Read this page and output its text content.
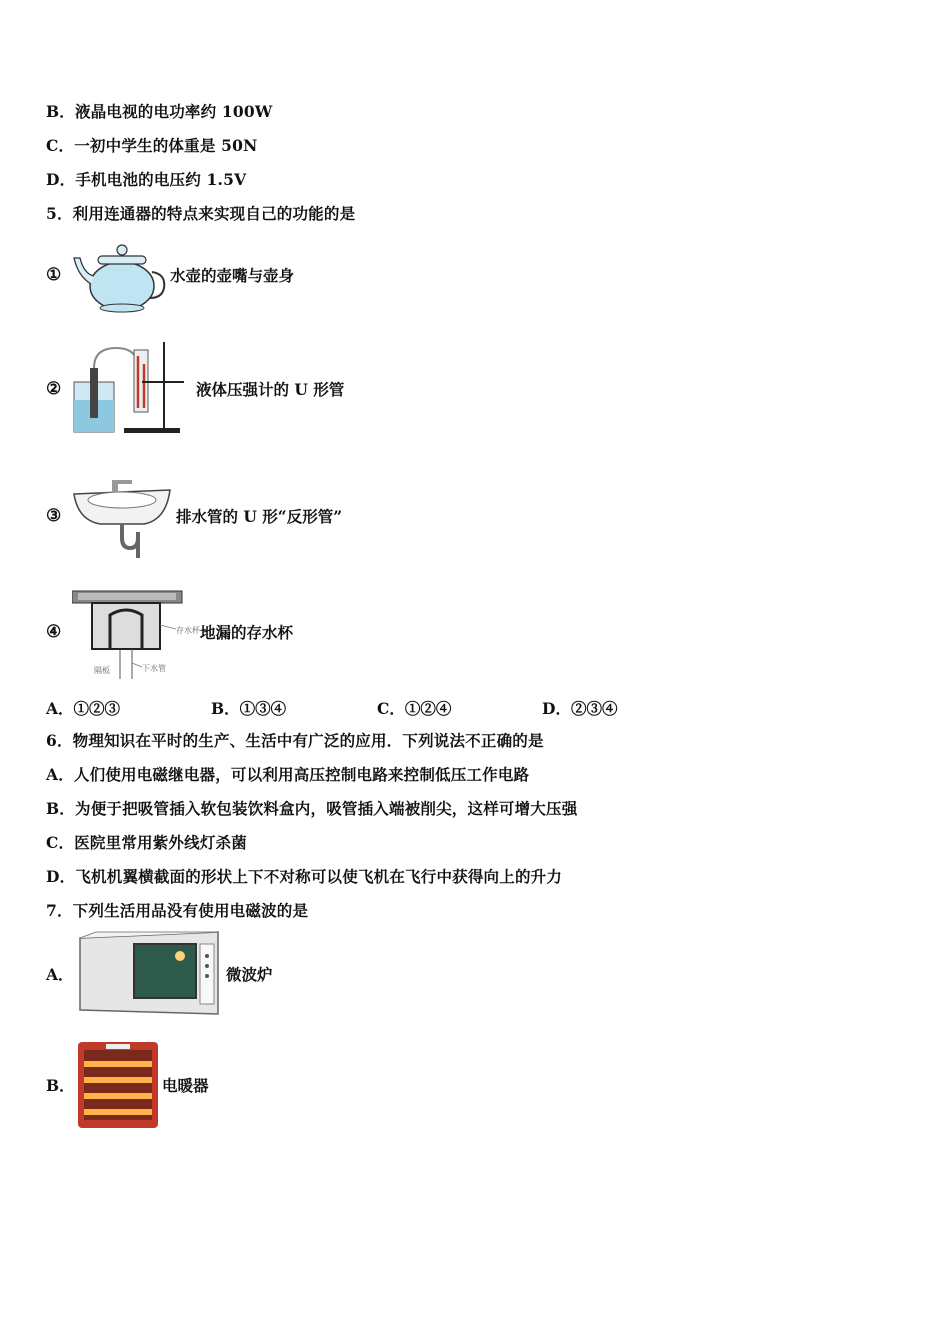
B．液晶电视的电功率约 100W
C．一初中学生的体重是 50N
D．手机电池的电压约 1.5V
5．利用连通器的特点来实现自己的功能的是
①	水壶的壶嘴与壶身
②	液体压强计的 U 形管
③	排水管的 U 形“反形管”
④	存水杯
隔板	下水管
地漏的存水杯
A．①②③	B．①③④	C．①②④	D．②③④
6．物理知识在平时的生产、生活中有广泛的应用．下列说法不正确的是
A．人们使用电磁继电器，可以利用高压控制电路来控制低压工作电路
B．为便于把吸管插入软包装饮料盒内，吸管插入端被削尖，这样可增大压强
C．医院里常用紫外线灯杀菌
D．飞机机翼横截面的形状上下不对称可以使飞机在飞行中获得向上的升力
7．下列生活用品没有使用电磁波的是
A．	微波炉
B．	电暖器
